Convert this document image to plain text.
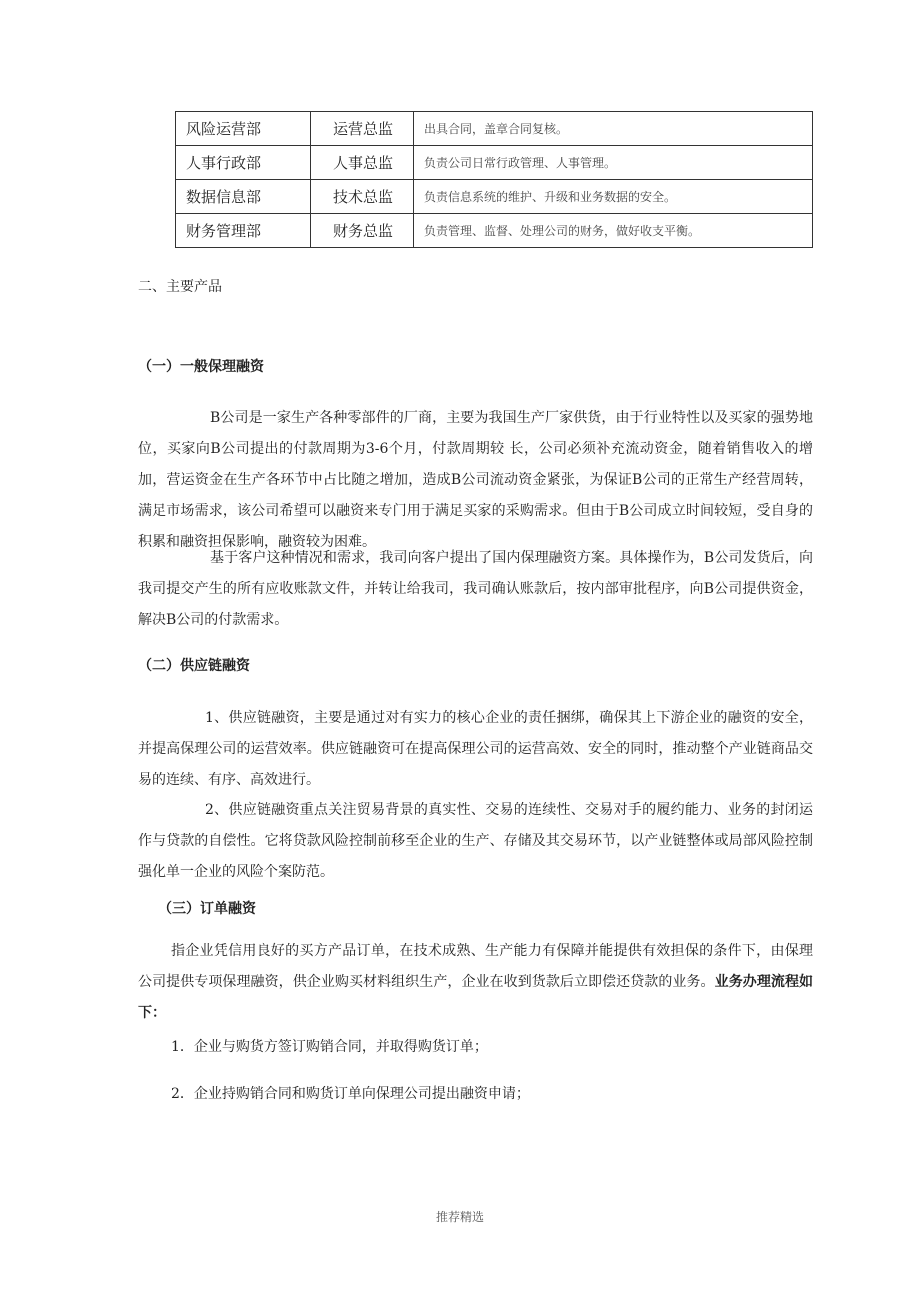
风险运营部	运营总监	出具合同，盖章合同复核。
人事行政部	人事总监	负责公司日常行政管理、人事管理。
数据信息部	技术总监	负责信息系统的维护、升级和业务数据的安全。
财务管理部	财务总监	负责管理、监督、处理公司的财务，做好收支平衡。
二、主要产品
（一）一般保理融资
B公司是一家生产各种零部件的厂商，主要为我国生产厂家供货，由于行业特性以及买家的强势地位，买家向B公司提出的付款周期为3-6个月，付款周期较 长，公司必须补充流动资金，随着销售收入的增加，营运资金在生产各环节中占比随之增加，造成B公司流动资金紧张，为保证B公司的正常生产经营周转，满足市场需求，该公司希望可以融资来专门用于满足买家的采购需求。但由于B公司成立时间较短，受自身的积累和融资担保影响，融资较为困难。
基于客户这种情况和需求，我司向客户提出了国内保理融资方案。具体操作为，B公司发货后，向我司提交产生的所有应收账款文件，并转让给我司，我司确认账款后，按内部审批程序，向B公司提供资金，解决B公司的付款需求。
（二）供应链融资
1、供应链融资，主要是通过对有实力的核心企业的责任捆绑，确保其上下游企业的融资的安全，并提高保理公司的运营效率。供应链融资可在提高保理公司的运营高效、安全的同时，推动整个产业链商品交易的连续、有序、高效进行。
2、供应链融资重点关注贸易背景的真实性、交易的连续性、交易对手的履约能力、业务的封闭运作与贷款的自偿性。它将贷款风险控制前移至企业的生产、存储及其交易环节，以产业链整体或局部风险控制强化单一企业的风险个案防范。
（三）订单融资
指企业凭信用良好的买方产品订单，在技术成熟、生产能力有保障并能提供有效担保的条件下，由保理公司提供专项保理融资，供企业购买材料组织生产，企业在收到货款后立即偿还贷款的业务。业务办理流程如下：
1．企业与购货方签订购销合同，并取得购货订单；
2．企业持购销合同和购货订单向保理公司提出融资申请；
推荐精选
